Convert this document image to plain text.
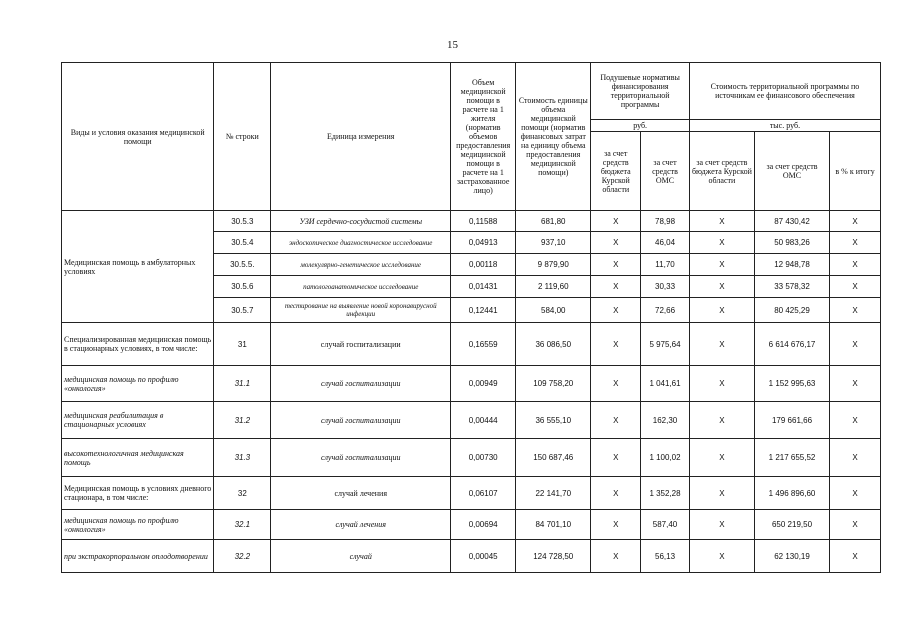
15
Виды и условия оказания медицинской помощи	№ строки	Единица измерения	Объем медицинской помощи в расчете на 1 жителя (норматив объемов предоставления медицинской помощи в расчете на 1 застрахованное лицо)	Стоимость единицы объема медицинской помощи (норматив финансовых затрат на единицу объема предоставления медицинской помощи)	Подушевые нормативы финансирования территориальной программы		Стоимость территориальной программы по источникам ее финансового обеспечения		
					руб.		тыс. руб.		
					за счет средств бюджета Курской области	за счет средств ОМС	за счет средств бюджета Курской области	за счет средств ОМС	в % к итогу
Медицинская помощь в амбулаторных условиях	30.5.3	УЗИ сердечно-сосудистой системы	0,11588	681,80	Х	78,98	Х	87 430,42	Х
	30.5.4	эндоскопическое диагностическое исследование	0,04913	937,10	Х	46,04	Х	50 983,26	Х
	30.5.5.	молекулярно-генетическое исследование	0,00118	9 879,90	Х	11,70	Х	12 948,78	Х
	30.5.6	патологоанатомическое исследование	0,01431	2 119,60	Х	30,33	Х	33 578,32	Х
	30.5.7	тестирование на выявление новой коронавирусной инфекции	0,12441	584,00	Х	72,66	Х	80 425,29	Х
Специализированная медицинская помощь в стационарных условиях, в том числе:	31	случай госпитализации	0,16559	36 086,50	Х	5 975,64	Х	6 614 676,17	Х
медицинская помощь по профилю «онкология»	31.1	случай госпитализации	0,00949	109 758,20	Х	1 041,61	Х	1 152 995,63	Х
медицинская реабилитация в стационарных условиях	31.2	случай госпитализации	0,00444	36 555,10	Х	162,30	Х	179 661,66	Х
высокотехнологичная медицинская помощь	31.3	случай госпитализации	0,00730	150 687,46	Х	1 100,02	Х	1 217 655,52	Х
Медицинская помощь в условиях дневного стационара, в том числе:	32	случай лечения	0,06107	22 141,70	Х	1 352,28	Х	1 496 896,60	Х
медицинская помощь по профилю «онкология»	32.1	случай лечения	0,00694	84 701,10	Х	587,40	Х	650 219,50	Х
при экстракорпоральном оплодотворении	32.2	случай	0,00045	124 728,50	Х	56,13	Х	62 130,19	Х
